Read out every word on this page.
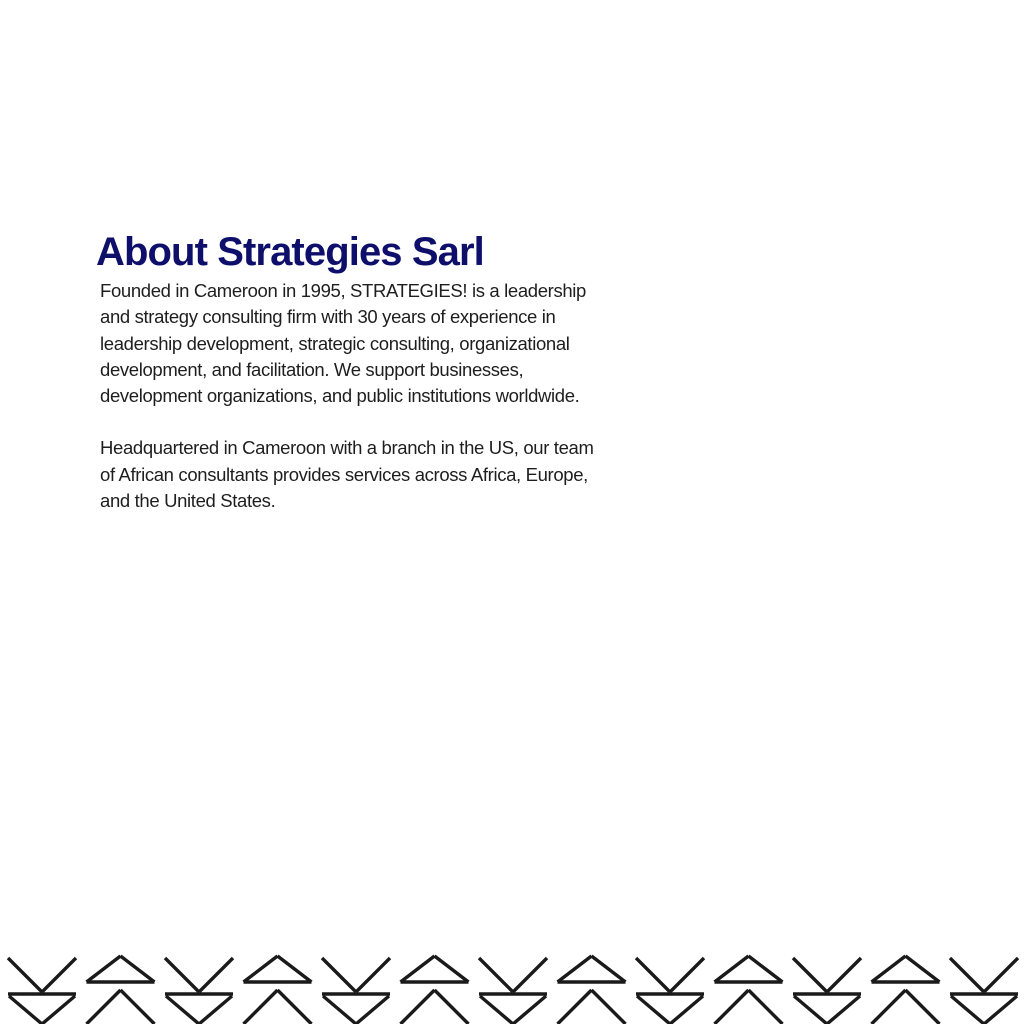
About Strategies Sarl

Founded in Cameroon in 1995, STRATEGIES! is a leadership

and strategy consulting firm with 30 years of experience in

leadership development, strategic consulting, organizational

development, and facilitation. We support businesses,

development organizations, and public institutions worldwide.

Headquartered in Cameroon with a branch in the US, our team

of African consultants provides services across Africa, Europe,

and the United States.
